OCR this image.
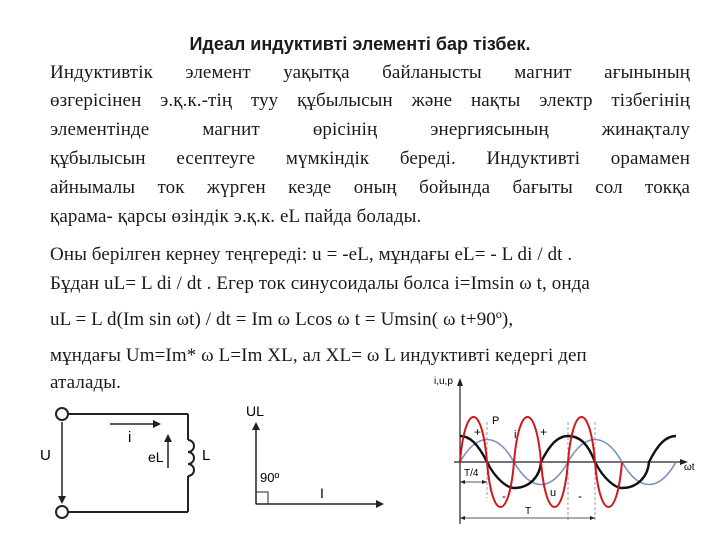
Идеал индуктивті элементі бар тізбек.
Индуктивтік элемент уақытқа байланысты магнит ағынының
өзгерісінен э.қ.к.-тің туу құбылысын және нақты электр тізбегінің
элементінде магнит өрісінің энергиясының жинақталу
құбылысын есептеуге мүмкіндік береді. Индуктивті орамамен
айнымалы ток жүрген кезде оның бойында бағыты сол токқа
қарама- қарсы өзіндік э.қ.к. eL пайда болады.
Оны берілген кернеу теңгереді: u = -eL, мұндағы eL= - L di / dt .
Бұдан uL= L di / dt . Егер ток синусоидалы болса i=Imsin ω t, онда
uL = L d(Im sin ωt) / dt = Im ω Lcos ω t = Umsin( ω t+90º),
мұндағы Um=Im* ω L=Im XL, ал XL= ω L индуктивті кедергі деп
аталады.
i
U	eL	L
UL
I
90º
i,u,p
ωt
P
i
u
+	+
-	-
T/4
T
